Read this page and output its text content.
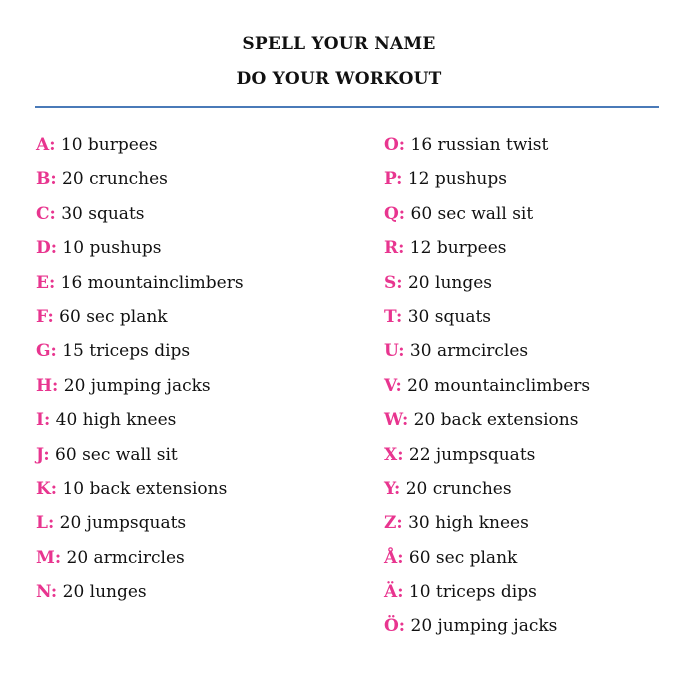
SPELL YOUR NAME
DO YOUR WORKOUT
A: 10 burpees
B: 20 crunches
C: 30 squats
D: 10 pushups
E: 16 mountainclimbers
F: 60 sec plank
G: 15 triceps dips
H: 20 jumping jacks
I: 40 high knees
J: 60 sec wall sit
K: 10 back extensions
L: 20 jumpsquats
M: 20 armcircles
N: 20 lunges
O: 16 russian twist
P: 12 pushups
Q: 60 sec wall sit
R: 12 burpees
S: 20 lunges
T: 30 squats
U: 30 armcircles
V: 20 mountainclimbers
W: 20 back extensions
X: 22 jumpsquats
Y: 20 crunches
Z: 30 high knees
Å: 60 sec plank
Ä: 10 triceps dips
Ö: 20 jumping jacks
